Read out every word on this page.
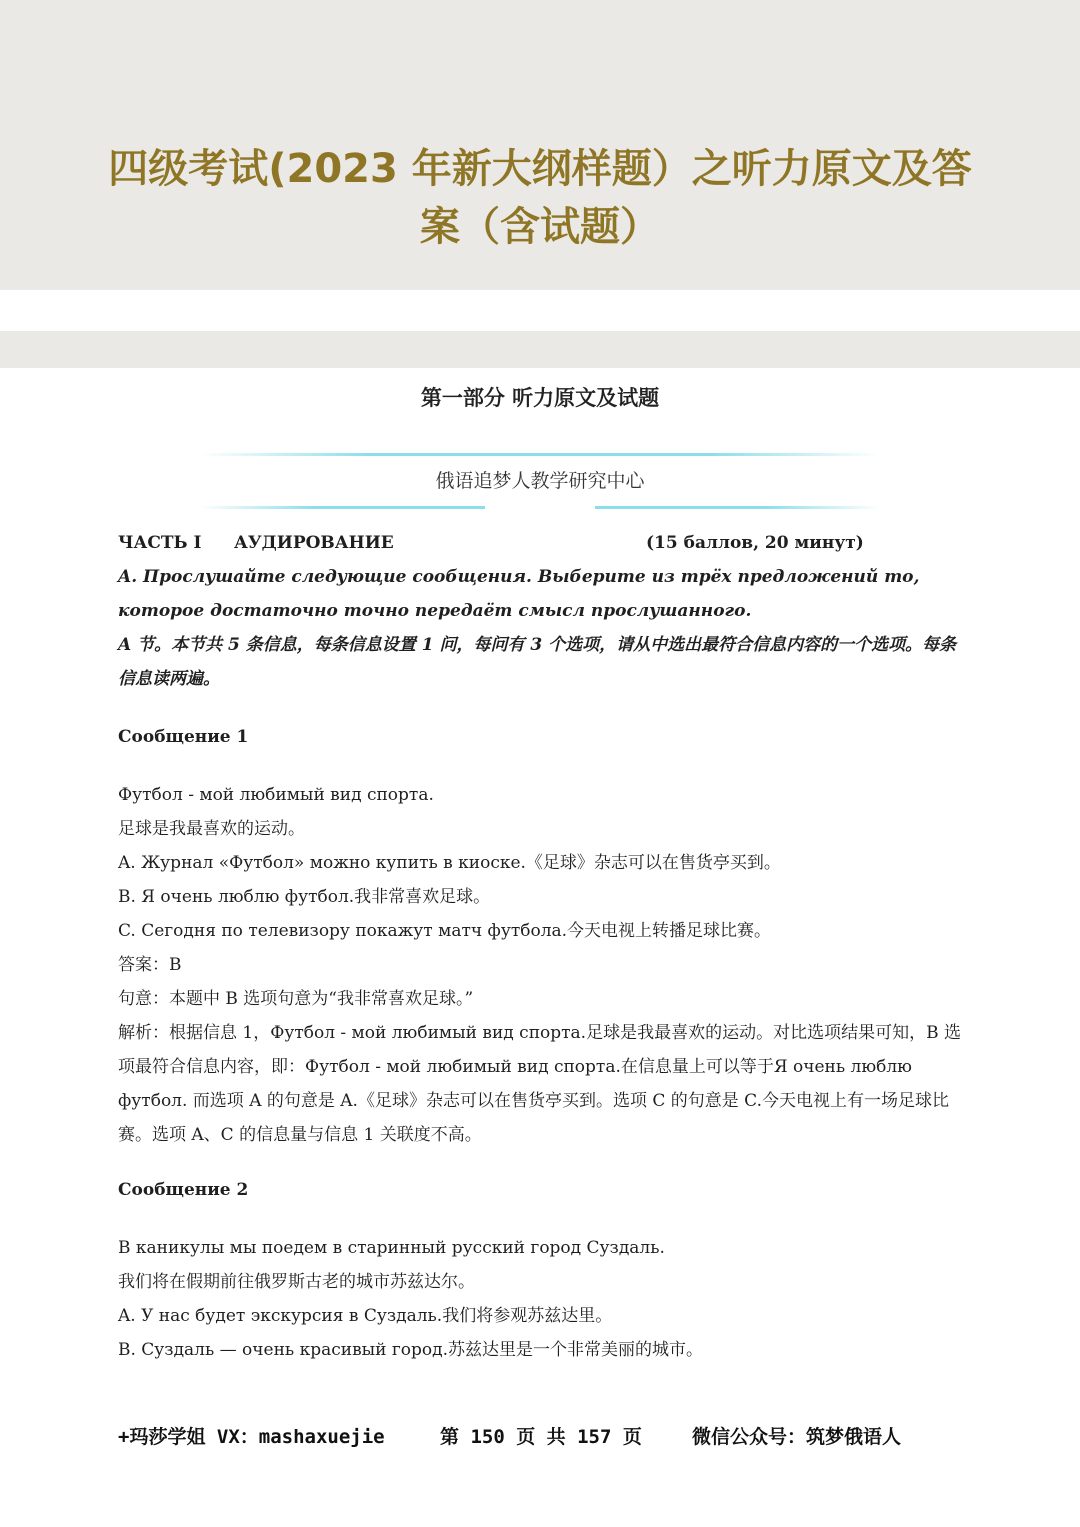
四级考试(2023 年新大纲样题）之听力原文及答
案（含试题）
第一部分 听力原文及试题
俄语追梦人教学研究中心
ЧАСТЬ I АУДИРОВАНИЕ	(15 баллов, 20 минут)
A. Прослушайте следующие сообщения. Выберите из трёх предложений то, которое достаточно точно передаёт смысл прослушанного.
A 节。本节共 5 条信息，每条信息设置 1 问，每问有 3 个选项，请从中选出最符合信息内容的一个选项。每条信息读两遍。
Сообщение 1
Футбол - мой любимый вид спорта.
足球是我最喜欢的运动。
A. Журнал «Футбол» можно купить в киоске.《足球》杂志可以在售货亭买到。
B. Я очень люблю футбол.我非常喜欢足球。
C. Сегодня по телевизору покажут матч футбола.今天电视上转播足球比赛。
答案：B
句意：本题中 B 选项句意为“我非常喜欢足球。”
解析：根据信息 1，Футбол - мой любимый вид спорта.足球是我最喜欢的运动。对比选项结果可知，B 选项最符合信息内容，即：Футбол - мой любимый вид спорта.在信息量上可以等于Я очень люблю футбол. 而选项 A 的句意是 A.《足球》杂志可以在售货亭买到。选项 C 的句意是 C.今天电视上有一场足球比赛。选项 A、C 的信息量与信息 1 关联度不高。
Сообщение 2
В каникулы мы поедем в старинный русский город Суздаль.
我们将在假期前往俄罗斯古老的城市苏兹达尔。
A. У нас будет экскурсия в Суздаль.我们将参观苏兹达里。
B. Суздаль — очень красивый город.苏兹达里是一个非常美丽的城市。
+玛莎学姐 VX：mashaxuejie	第 150 页 共 157 页	微信公众号：筑梦俄语人
